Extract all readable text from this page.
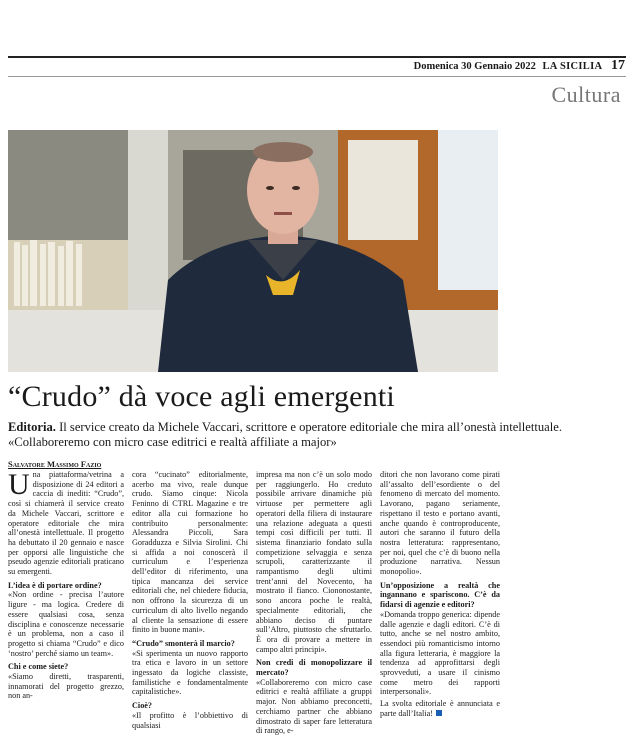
Domenica 30 Gennaio 2022 LA SICILIA 17
Cultura
“Crudo” dà voce agli emergenti
Editoria. Il service creato da Michele Vaccari, scrittore e operatore editoriale che mira all’onestà intellettuale. «Collaboreremo con micro case editrici e realtà affiliate a major»
Salvatore Massimo Fazio

Una piattaforma/vetrina a disposizione di 24 editori a caccia di inediti: “Crudo”, così si chiamerà il service creato da Michele Vaccari, scrittore e operatore editoriale che mira all’onestà intellettuale. Il progetto ha debuttato il 20 gennaio e nasce per opporsi alle linguistiche che pseudo agenzie editoriali praticano su emergenti.

L’idea è di portare ordine?

«Non ordine - precisa l’autore ligure - ma logica. Credere di essere qualsiasi cosa, senza disciplina e conoscenze necessarie è un problema, non a caso il progetto si chiama “Crudo” e dico ‘nostro’ perché siamo un team».

Chi e come siete?

«Siamo diretti, trasparenti, innamorati del progetto grezzo, non an-

cora “cucinato” editorialmente, acerbo ma vivo, reale dunque crudo. Siamo cinque: Nicola Feninno di CTRL Magazine e tre editor alla cui formazione ho contribuito personalmente: Alessandra Piccoli, Sara Goradduzza e Silvia Sirolini. Chi si affida a noi conoscerà il curriculum e l’esperienza dell’editor di riferimento, una tipica mancanza dei service editoriali che, nel chiedere fiducia, non offrono la sicurezza di un curriculum di alto livello negando al cliente la sensazione di essere finito in buone mani».

“Crudo” smonterà il marcio?

«Si sperimenta un nuovo rapporto tra etica e lavoro in un settore ingessato da logiche classiste, familistiche e fondamentalmente capitalistiche».

Cioè?

«Il profitto è l’obbiettivo di qualsiasi

impresa ma non c’è un solo modo per raggiungerlo. Ho creduto possibile arrivare dinamiche più virtuose per permettere agli operatori della filiera di instaurare una relazione adeguata a questi tempi così difficili per tutti. Il sistema finanziario fondato sulla competizione selvaggia e senza scrupoli, caratterizzante il rampantismo degli ultimi trent’anni del Novecento, ha mostrato il fianco. Ciononostante, sono ancora poche le realtà, specialmente editoriali, che abbiano deciso di puntare sull’Altro, piuttosto che sfruttarlo. È ora di provare a mettere in campo altri principi».

Non credi di monopolizzare il mercato?

«Collaboreremo con micro case editrici e realtà affiliate a gruppi major. Non abbiamo preconcetti, cerchiamo partner che abbiano dimostrato di saper fare letteratura di rango, e-

ditori che non lavorano come pirati all’assalto dell’esordiente o del fenomeno di mercato del momento. Lavorano, pagano seriamente, rispettano il testo e portano avanti, anche quando è controproducente, autori che saranno il futuro della nostra letteratura: rappresentano, per noi, quel che c’è di buono nella produzione narrativa. Nessun monopolio».

Un’opposizione a realtà che ingannano e spariscono. C’è da fidarsi di agenzie e editori?

«Domanda troppo generica: dipende dalle agenzie e dagli editori. C’è di tutto, anche se nel nostro ambito, essendoci più romanticismo intorno alla figura letteraria, è maggiore la tendenza ad approfittarsi degli sprovveduti, a usare il cinismo come metro dei rapporti interpersonali».

La svolta editoriale è annunciata e parte dall’Italia!
